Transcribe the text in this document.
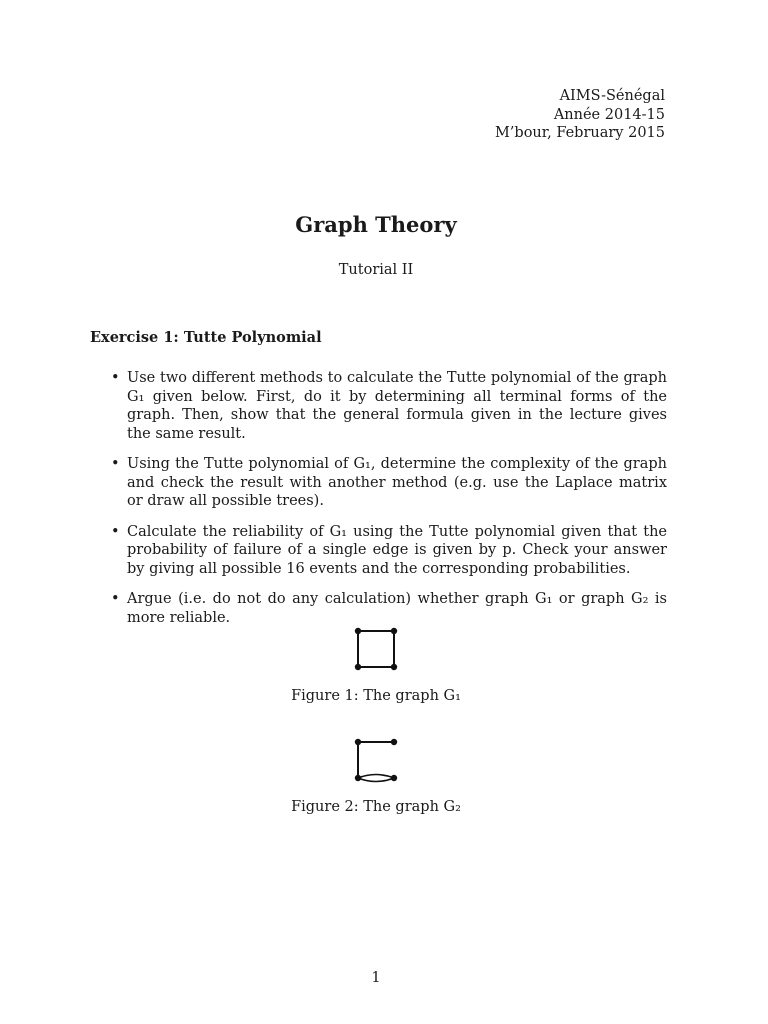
AIMS-Sénégal
Année 2014-15
M’bour, February 2015
Graph Theory
Tutorial II
Exercise 1: Tutte Polynomial
• Use two different methods to calculate the Tutte polynomial of the graph G₁ given below. First, do it by determining all terminal forms of the graph. Then, show that the general formula given in the lecture gives the same result.
• Using the Tutte polynomial of G₁, determine the complexity of the graph and check the result with another method (e.g. use the Laplace matrix or draw all possible trees).
• Calculate the reliability of G₁ using the Tutte polynomial given that the probability of failure of a single edge is given by p. Check your answer by giving all possible 16 events and the corresponding probabilities.
• Argue (i.e. do not do any calculation) whether graph G₁ or graph G₂ is more reliable.
Figure 1: The graph G₁
Figure 2: The graph G₂
1
